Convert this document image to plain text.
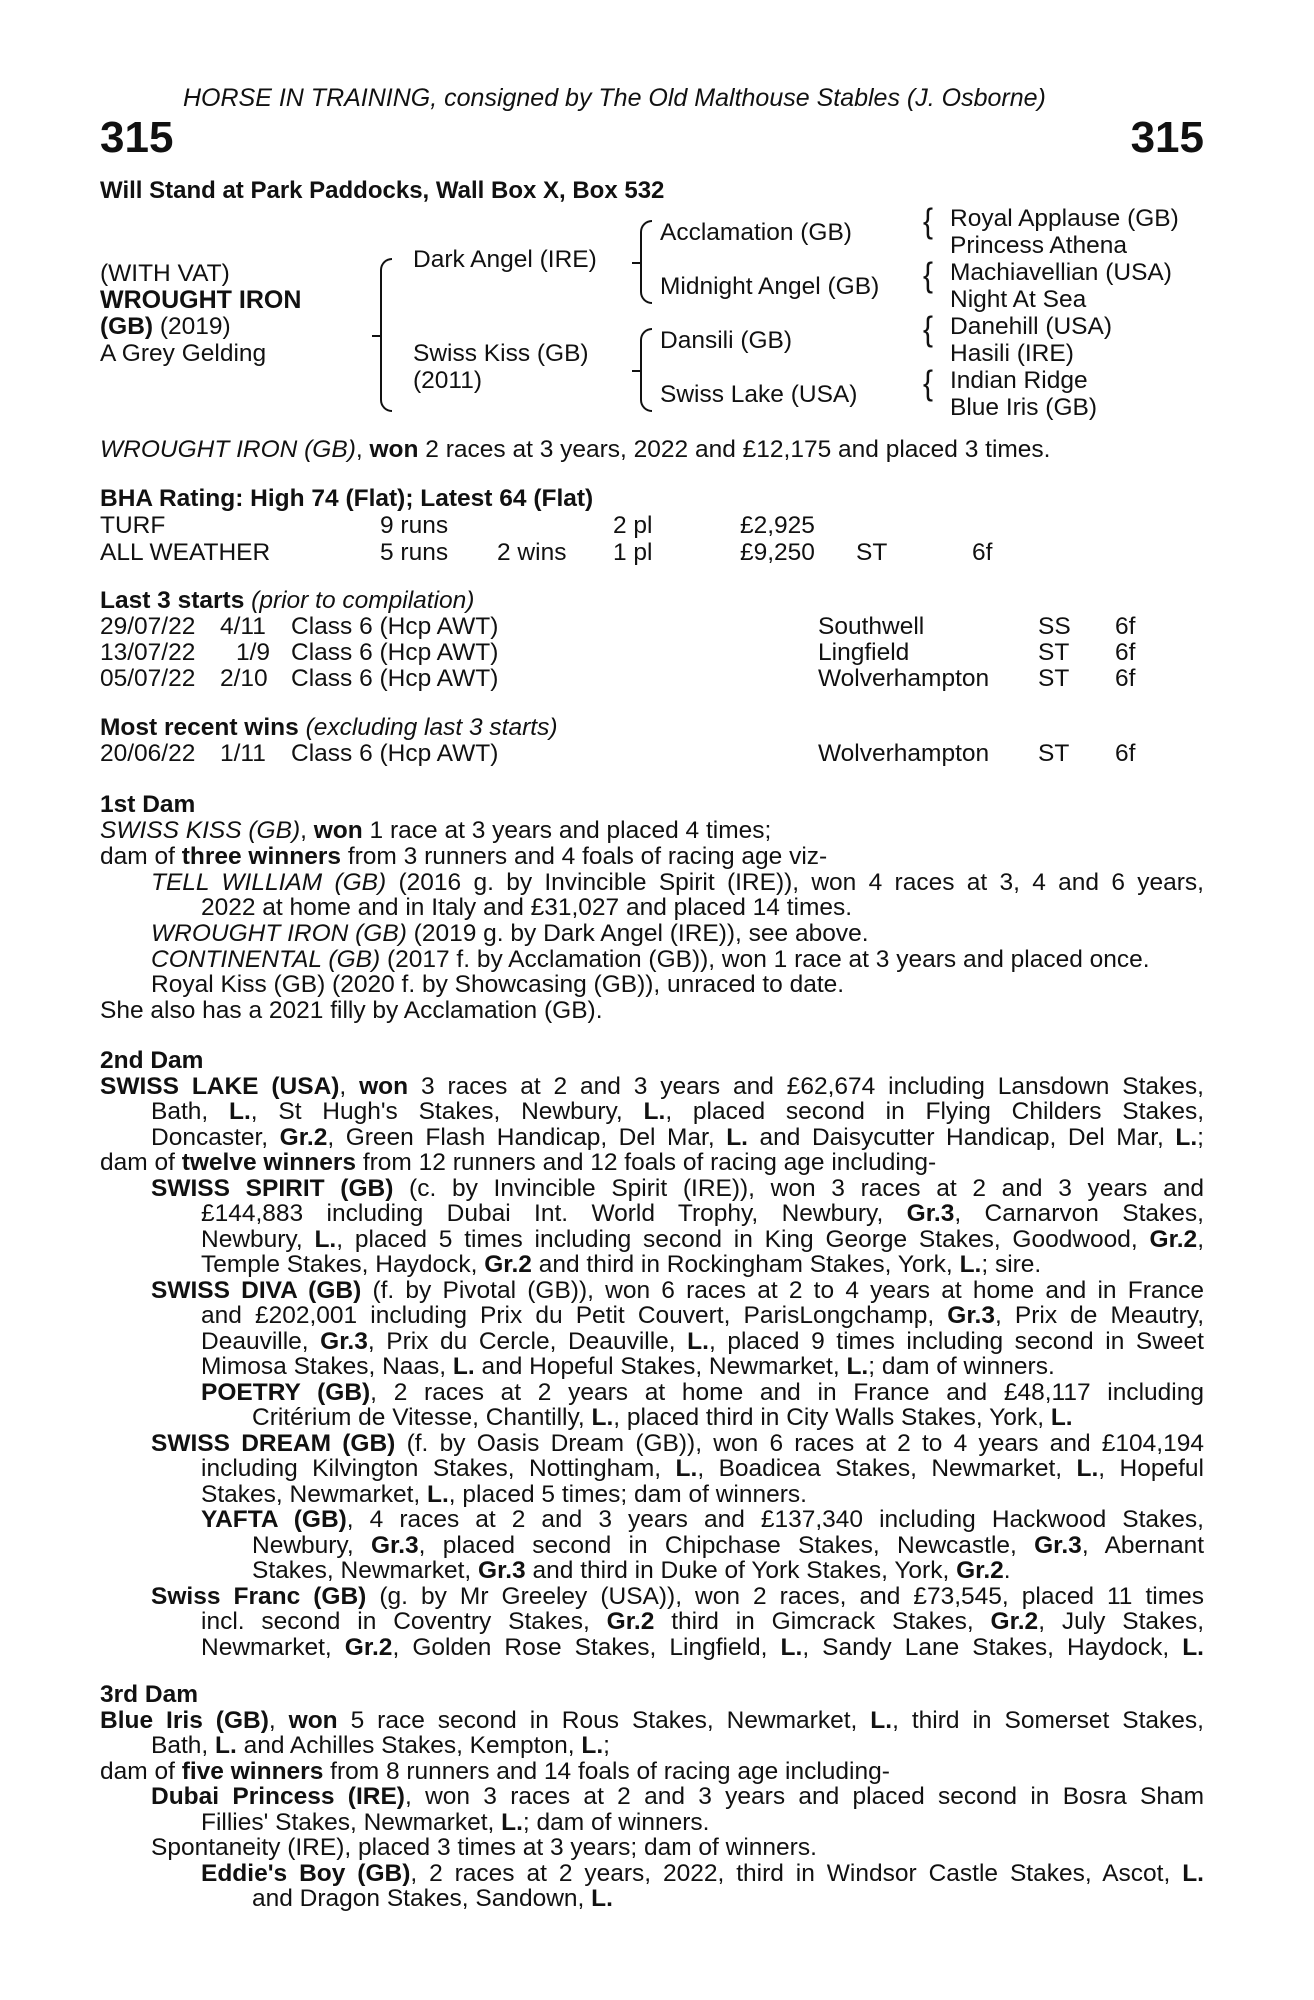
HORSE IN TRAINING, consigned by The Old Malthouse Stables (J. Osborne)
315	315
Will Stand at Park Paddocks, Wall Box X, Box 532
(WITH VAT)
WROUGHT IRON
(GB) (2019)
A Grey Gelding
{
{
{
{
Dark Angel (IRE)
Swiss Kiss (GB)
(2011)
Acclamation (GB)
Midnight Angel (GB)
Dansili (GB)
Swiss Lake (USA)
Royal Applause (GB)
Princess Athena
Machiavellian (USA)
Night At Sea
Danehill (USA)
Hasili (IRE)
Indian Ridge
Blue Iris (GB)
WROUGHT IRON (GB), won 2 races at 3 years, 2022 and £12,175 and placed 3 times.
BHA Rating: High 74 (Flat); Latest 64 (Flat)
TURF	9 runs	2 pl	£2,925
ALL WEATHER	5 runs 2 wins 1 pl	£9,250 ST	6f
Last 3 starts (prior to compilation)
29/07/22 4/11 Class 6 (Hcp AWT)	Southwell	SS 6f
13/07/22 1/9 Class 6 (Hcp AWT)	Lingfield	ST 6f
05/07/22 2/10 Class 6 (Hcp AWT)	Wolverhampton ST 6f
Most recent wins (excluding last 3 starts)
20/06/22 1/11 Class 6 (Hcp AWT)	Wolverhampton ST 6f
1st Dam
SWISS KISS (GB), won 1 race at 3 years and placed 4 times;
dam of three winners from 3 runners and 4 foals of racing age viz-
TELL WILLIAM (GB) (2016 g. by Invincible Spirit (IRE)), won 4 races at 3, 4 and 6 years,
2022 at home and in Italy and £31,027 and placed 14 times.
WROUGHT IRON (GB) (2019 g. by Dark Angel (IRE)), see above.
CONTINENTAL (GB) (2017 f. by Acclamation (GB)), won 1 race at 3 years and placed once.
Royal Kiss (GB) (2020 f. by Showcasing (GB)), unraced to date.
She also has a 2021 filly by Acclamation (GB).
2nd Dam
SWISS LAKE (USA), won 3 races at 2 and 3 years and £62,674 including Lansdown Stakes,
Bath, L., St Hugh's Stakes, Newbury, L., placed second in Flying Childers Stakes,
Doncaster, Gr.2, Green Flash Handicap, Del Mar, L. and Daisycutter Handicap, Del Mar, L.;
dam of twelve winners from 12 runners and 12 foals of racing age including-
SWISS SPIRIT (GB) (c. by Invincible Spirit (IRE)), won 3 races at 2 and 3 years and
£144,883 including Dubai Int. World Trophy, Newbury, Gr.3, Carnarvon Stakes,
Newbury, L., placed 5 times including second in King George Stakes, Goodwood, Gr.2,
Temple Stakes, Haydock, Gr.2 and third in Rockingham Stakes, York, L.; sire.
SWISS DIVA (GB) (f. by Pivotal (GB)), won 6 races at 2 to 4 years at home and in France
and £202,001 including Prix du Petit Couvert, ParisLongchamp, Gr.3, Prix de Meautry,
Deauville, Gr.3, Prix du Cercle, Deauville, L., placed 9 times including second in Sweet
Mimosa Stakes, Naas, L. and Hopeful Stakes, Newmarket, L.; dam of winners.
POETRY (GB), 2 races at 2 years at home and in France and £48,117 including
Critérium de Vitesse, Chantilly, L., placed third in City Walls Stakes, York, L.
SWISS DREAM (GB) (f. by Oasis Dream (GB)), won 6 races at 2 to 4 years and £104,194
including Kilvington Stakes, Nottingham, L., Boadicea Stakes, Newmarket, L., Hopeful
Stakes, Newmarket, L., placed 5 times; dam of winners.
YAFTA (GB), 4 races at 2 and 3 years and £137,340 including Hackwood Stakes,
Newbury, Gr.3, placed second in Chipchase Stakes, Newcastle, Gr.3, Abernant
Stakes, Newmarket, Gr.3 and third in Duke of York Stakes, York, Gr.2.
Swiss Franc (GB) (g. by Mr Greeley (USA)), won 2 races, and £73,545, placed 11 times
incl. second in Coventry Stakes, Gr.2 third in Gimcrack Stakes, Gr.2, July Stakes,
Newmarket, Gr.2, Golden Rose Stakes, Lingfield, L., Sandy Lane Stakes, Haydock, L.
3rd Dam
Blue Iris (GB), won 5 race second in Rous Stakes, Newmarket, L., third in Somerset Stakes,
Bath, L. and Achilles Stakes, Kempton, L.;
dam of five winners from 8 runners and 14 foals of racing age including-
Dubai Princess (IRE), won 3 races at 2 and 3 years and placed second in Bosra Sham
Fillies' Stakes, Newmarket, L.; dam of winners.
Spontaneity (IRE), placed 3 times at 3 years; dam of winners.
Eddie's Boy (GB), 2 races at 2 years, 2022, third in Windsor Castle Stakes, Ascot, L.
and Dragon Stakes, Sandown, L.
